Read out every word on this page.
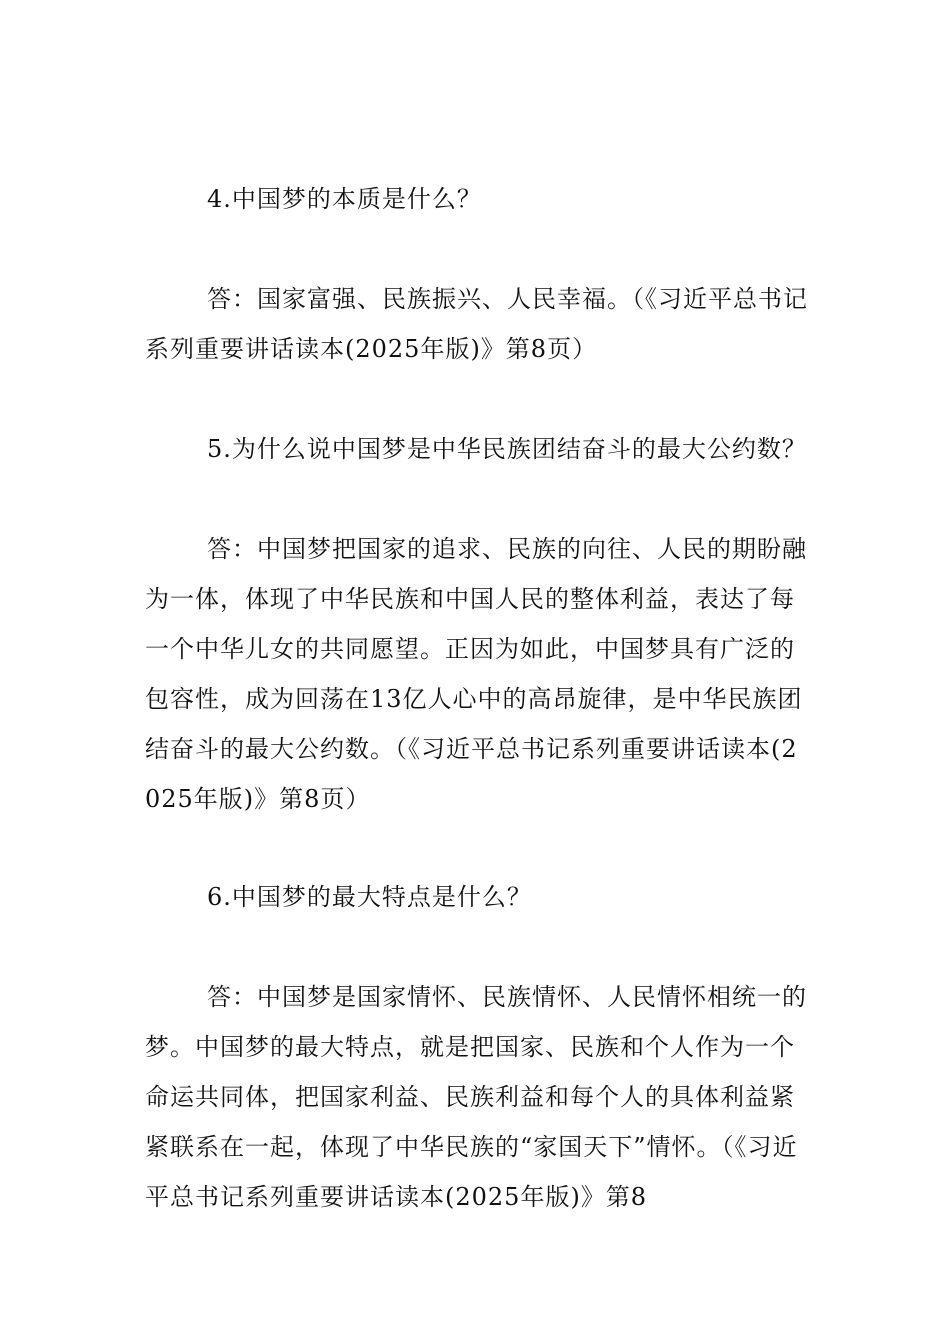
4.中国梦的本质是什么？

答：国家富强、民族振兴、人民幸福。（《习近平总书记系列重要讲话读本(2025年版)》第8页）

5.为什么说中国梦是中华民族团结奋斗的最大公约数？

答：中国梦把国家的追求、民族的向往、人民的期盼融为一体，体现了中华民族和中国人民的整体利益，表达了每一个中华儿女的共同愿望。正因为如此，中国梦具有广泛的包容性，成为回荡在13亿人心中的高昂旋律，是中华民族团结奋斗的最大公约数。（《习近平总书记系列重要讲话读本(2025年版)》第8页）

6.中国梦的最大特点是什么？

答：中国梦是国家情怀、民族情怀、人民情怀相统一的梦。中国梦的最大特点，就是把国家、民族和个人作为一个命运共同体，把国家利益、民族利益和每个人的具体利益紧紧联系在一起，体现了中华民族的“家国天下”情怀。（《习近平总书记系列重要讲话读本(2025年版)》第8
